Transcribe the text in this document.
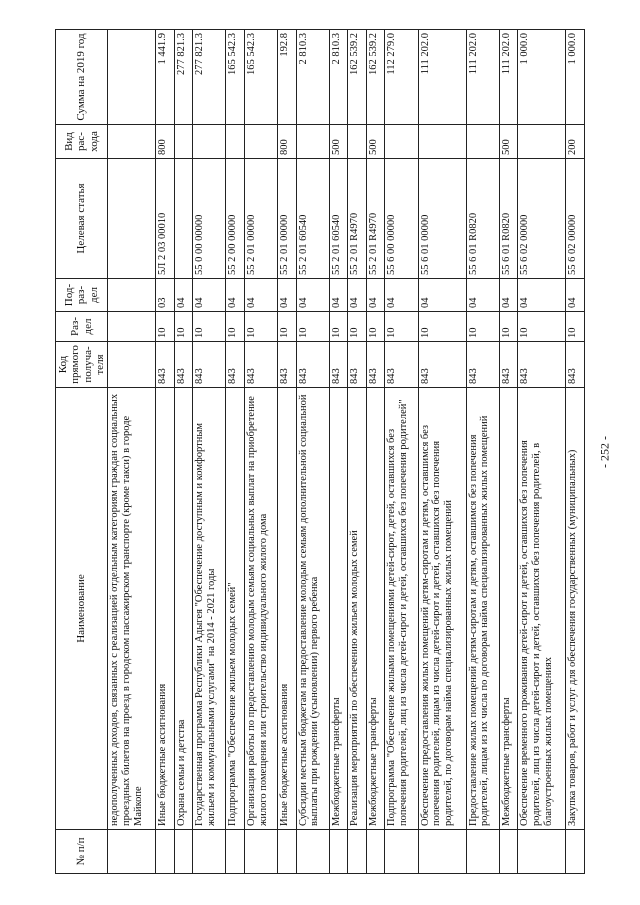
- 252 -
№ п/п	Наименование	Код прямого получа-теля	Раз-дел	Под-раз-дел	Целевая статья	Вид рас-хода	Сумма на 2019 год
	недополученных доходов, связанных с реализацией отдельным категориям граждан социальных проездных билетов на проезд в городском пассажирском транспорте (кроме такси) в городе Майкопе						
	Иные бюджетные ассигнования	843	10	03	5Л 2 03 00010	800	1 441.9
	Охрана семьи и детства	843	10	04			277 821.3
	Государственная программа Республики Адыгея "Обеспечение доступным и комфортным жильем и коммунальными услугами" на 2014 - 2021 годы	843	10	04	55 0 00 00000		277 821.3
	Подпрограмма "Обеспечение жильем молодых семей"	843	10	04	55 2 00 00000		165 542.3
	Организация работы по предоставлению молодым семьям социальных выплат на приобретение жилого помещения или строительство индивидуального жилого дома	843	10	04	55 2 01 00000		165 542.3
	Иные бюджетные ассигнования	843	10	04	55 2 01 00000	800	192.8
	Субсидии местным бюджетам на предоставление молодым семьям дополнительной социальной выплаты при рождении (усыновлении) первого ребенка	843	10	04	55 2 01 60540		2 810.3
	Межбюджетные трансферты	843	10	04	55 2 01 60540	500	2 810.3
	Реализация мероприятий по обеспечению жильем молодых семей	843	10	04	55 2 01 R4970		162 539.2
	Межбюджетные трансферты	843	10	04	55 2 01 R4970	500	162 539.2
	Подпрограмма "Обеспечение жилыми помещениями детей-сирот, детей, оставшихся без попечения родителей, лиц из числа детей-сирот и детей, оставшихся без попечения родителей"	843	10	04	55 6 00 00000		112 279.0
	Обеспечение предоставления жилых помещений детям-сиротам и детям, оставшимся без попечения родителей, лицам из числа детей-сирот и детей, оставшихся без попечения родителей, по договорам найма специализированных жилых помещений	843	10	04	55 6 01 00000		111 202.0
	Предоставление жилых помещений детям-сиротам и детям, оставшимся без попечения родителей, лицам из их числа по договорам найма специализированных жилых помещений	843	10	04	55 6 01 R0820		111 202.0
	Межбюджетные трансферты	843	10	04	55 6 01 R0820	500	111 202.0
	Обеспечение временного проживания детей-сирот и детей, оставшихся без попечения родителей, лиц из числа детей-сирот и детей, оставшихся без попечения родителей, в благоустроенных жилых помещениях	843	10	04	55 6 02 00000		1 000.0
	Закупка товаров, работ и услуг для обеспечения государственных (муниципальных)	843	10	04	55 6 02 00000	200	1 000.0
